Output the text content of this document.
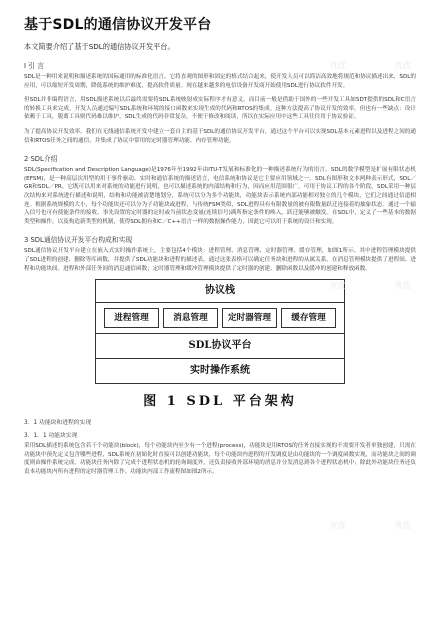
基于SDL的通信协议开发平台
本文简要介绍了基于SDL的通信协议开发平台。
I 引 言
SDL是一种用来说明和描述系统的国际通用的标准化语言。它将直观的图形和固定的格式结合起来，使开发人员可以简洁高效地将规范和协议描述出来，SDL的应用，可以缩短开发周期，降低系统的维护难度，提高软件质量。现在越来越多的电信设备开发商开始使用SDL进行协议软件开发。
但SDL并非编程语言，用SDL描述系统以后最终需要将SDL系统映射成实际程序才有意义，而目前一般是借助于国外的一些开发工具如SDT提供的SDL和C语言的转换工具来完成，开发人员通过编写SDL系统和环境的接口函数来实现生成的代码和RTOS的集成。这种方法提高了协议开发的效率，但也有一些缺点：设计依赖于工具，脱离工具则代码难以维护，SDL生成的代码非常复杂，不便于修改和阅读，所以在实际应用中这些工具往往用于协议验证。
为了提高协议开发效率，我们在无线通信系统开发中建立一套自主的基于SDL的通信协议开发平台，通过这个平台可以实现SDL基本元素进程以及进程之间的通信和RTOS任务之间的通信，并集成了协议中常用的定时器管理功能、内存管理功能。
2 SDL介绍
SDL(Specification and Description Language)是1976年至1992年由ITU-T发展和标准化的一种描述系统行为的语言，SDL的数学模型是扩展有限状态机(EFSM)，是一种高层次用型的用于事件驱动、实时和通信系统的描述语言，电信系统和协议是它主要应用领域之一。SDL有图形和文本两种表示形式，SDL／GR和SDL／PR。它既可以用来对系统的功能进行说明，也可以描述系统的内部结构和行为，因而应用范围很广，可用于协议工程的各个阶段。SDL采用一种层次结构来对系统进行描述和说明，结构和功能被清楚地划分，系统可以分为多个功能块，功能块表示系统内部功能相对独立的几个模块，它们之间通过信道相连。根据系统规模的大小，每个功能块还可以分为子功能块或进程，与传统FSM类似，SDL进程具有有限数量的被有限数量跃迁连接着的抽象状态。通过一个输入信号也可有使能条件的接收、事先设置的定时器的定时或当前状态变量(连续信号)满所指定条件的唤入，跃迁能够被触发。在SDL中，定义了一些基本的数据类型和操作，以及构造新类型的机制，使得SDL拥有和C／C++语言一样的数据操作能力，因此它可以用于系统的设计和实现。
3 SDL通信协议开发平台构成和实现
SDL通信协议开发平台建立在嵌入式实时操作系统上，主要包括4个模块：进程管理、消息管理、定时器管理、缓存管理，如图1所示。其中进程管理模块提供了SDL进程的创建、删除等库函数，并提供了SDL功能块和进程的描述表，通过这张表格可以确定任务块和进程的从属关系。在消息管理模块提供了进程间、进程和功能块间、进程和外部任务间的消息通信函数；定时器管理和缓冲管理模块提供了定时器的创建、删除函数以及缓冲的创建和释放函数。
协议栈
进程管理	消息管理	定时器管理	缓存管理
SDL协议平台
实时操作系统
图 1 SDL 平台架构
3．1 功能块和进程的实现
3．1．1 功能块实现
采用SDL描述的系统包含若干个功能块(block)，每个功能块内至少有一个进程(process)，功能块是用RTOS的任务直接实现的不需要开发者单独创建，只需在功能块中预先定义包含哪些进程，SDL系统在初始化时直接可以创建功能块，每个功能块内进程的开发调度是由功能块的一个调度函数实现，而功能块之间的调度则由操作系统完成。功能块任务内除了完成个进程状态机的轮询调度外，还负责接收外部环境的消息并分发消息到各个进程状态机中；除此外功能块任务还负责本功能块内所有进程的定时器管理工作。功能块内部工作流程图如图2所示。
优优	优优
优优	优优
优优	优优
